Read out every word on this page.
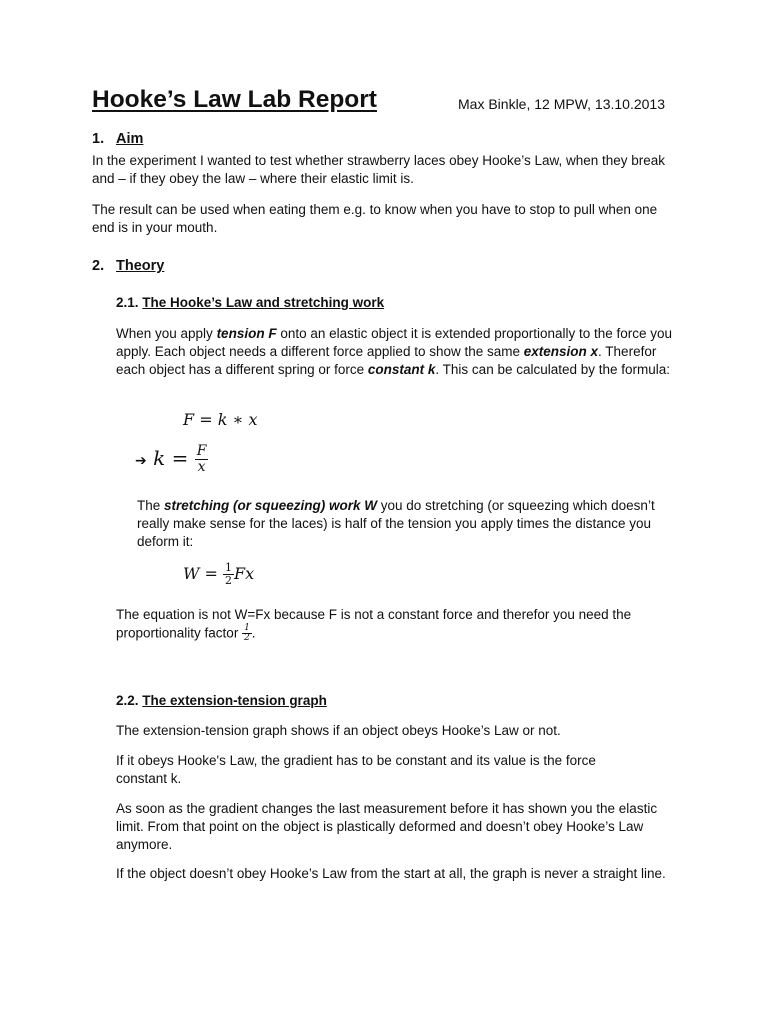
Hooke’s Law Lab Report	Max Binkle, 12 MPW, 13.10.2013
1. Aim

In the experiment I wanted to test whether strawberry laces obey Hooke’s Law, when they break and – if they obey the law – where their elastic limit is.

The result can be used when eating them e.g. to know when you have to stop to pull when one end is in your mouth.

2. Theory
2.1. The Hooke’s Law and stretching work

When you apply tension F onto an elastic object it is extended proportionally to the force you apply. Each object needs a different force applied to show the same extension x. Therefor each object has a different spring or force constant k. This can be calculated by the formula:

F = k ∗ x
➔ $k = \frac{F}{x}$

The stretching (or squeezing) work W you do stretching (or squeezing which doesn’t really make sense for the laces) is half of the tension you apply times the distance you deform it:

$W = \frac{1}{2}$ Fx

The equation is not W=Fx because F is not a constant force and therefor you need the proportionality factor $\frac{1}{2}$ .

2.2. The extension-tension graph

The extension-tension graph shows if an object obeys Hooke’s Law or not.

If it obeys Hooke's Law, the gradient has to be constant and its value is the force constant k.

As soon as the gradient changes the last measurement before it has shown you the elastic limit. From that point on the object is plastically deformed and doesn’t obey Hooke’s Law anymore.

If the object doesn’t obey Hooke’s Law from the start at all, the graph is never a straight line.
